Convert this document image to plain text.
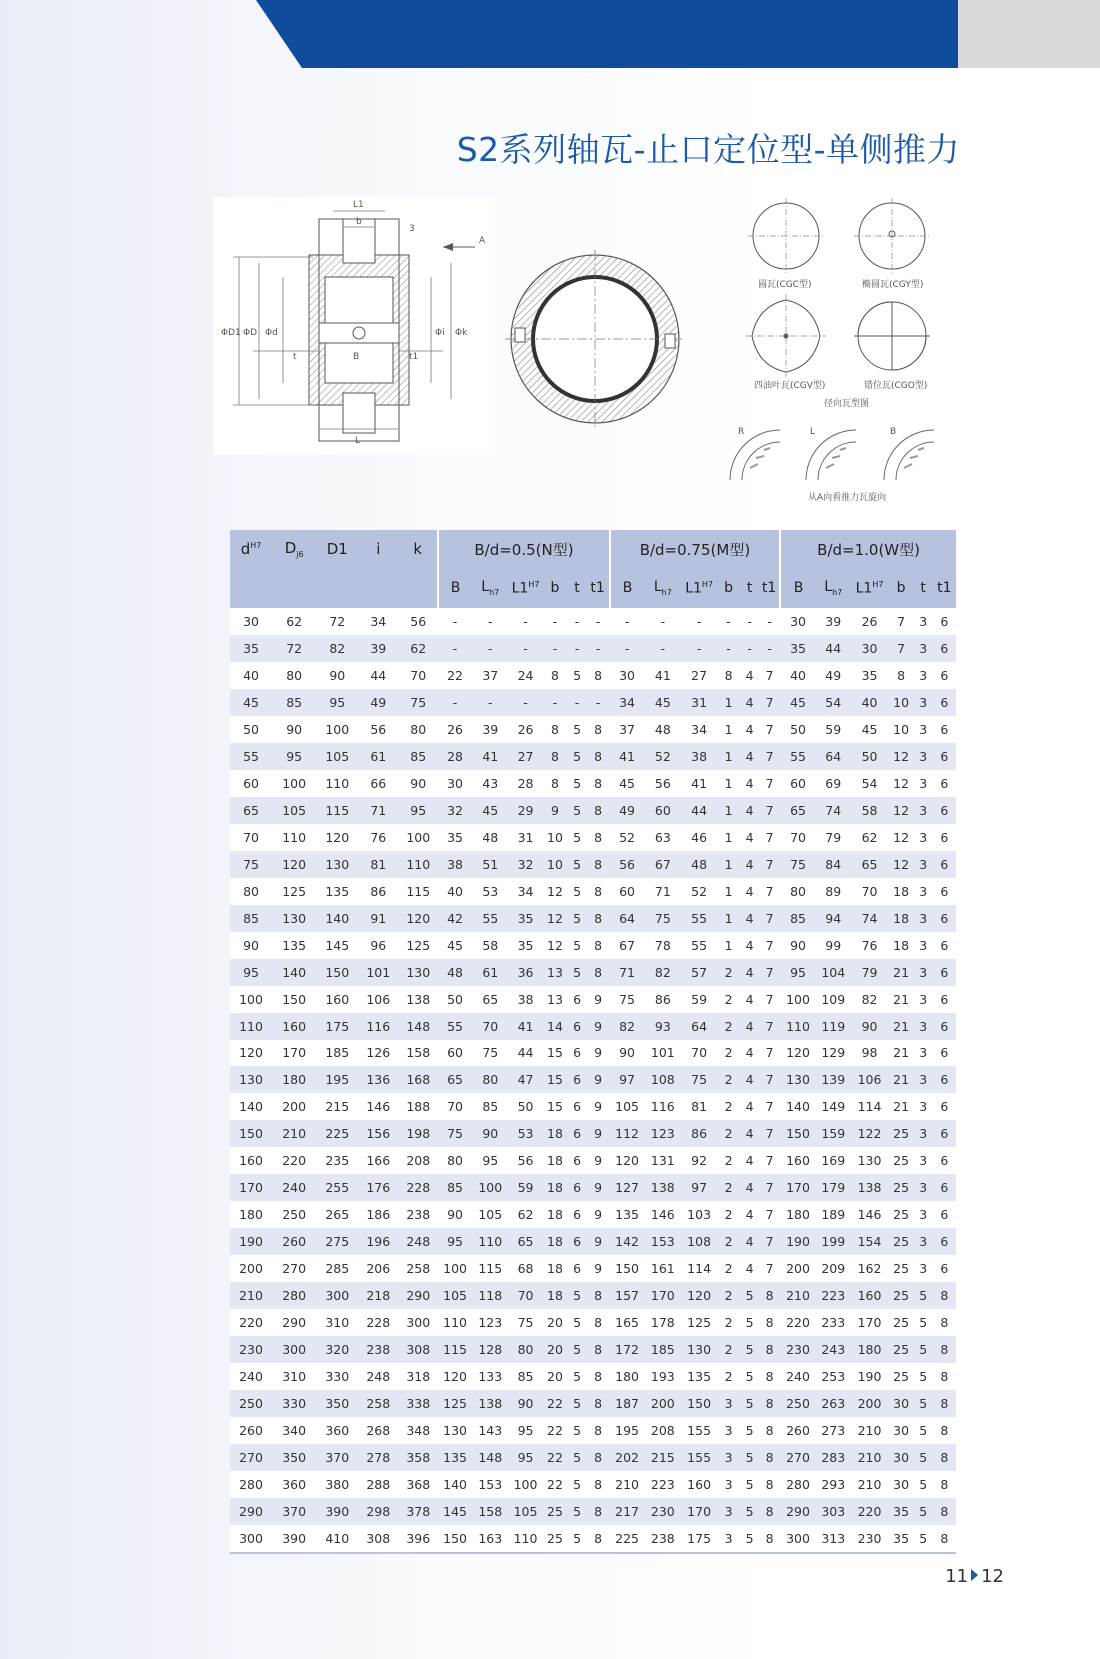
S2系列轴瓦-止口定位型-单侧推力
L1
b
3
A
ΦD1 ΦD Φd	Φi Φk
t	B	t1
L
圆瓦(CGC型)	椭圆瓦(CGY型)
四油叶瓦(CGV型)	错位瓦(CGO型)
径向瓦型图
R	L	B
从A向看推力瓦旋向
$d^{H7}$	$D_{j6}$	D1	i	k	B/d=0.5(N型)						B/d=0.75(M型)						B/d=1.0(W型)					
					B	$L_{h7}$	$L1^{H7}$	b	t	t1	B	$L_{h7}$	$L1^{H7}$	b	t	t1	B	$L_{h7}$	$L1^{H7}$	b	t	t1
30	62	72	34	56	-	-	-	-	-	-	-	-	-	-	-	-	30	39	26	7	3	6
35	72	82	39	62	-	-	-	-	-	-	-	-	-	-	-	-	35	44	30	7	3	6
40	80	90	44	70	22	37	24	8	5	8	30	41	27	8	4	7	40	49	35	8	3	6
45	85	95	49	75	-	-	-	-	-	-	34	45	31	1	4	7	45	54	40	10	3	6
50	90	100	56	80	26	39	26	8	5	8	37	48	34	1	4	7	50	59	45	10	3	6
55	95	105	61	85	28	41	27	8	5	8	41	52	38	1	4	7	55	64	50	12	3	6
60	100	110	66	90	30	43	28	8	5	8	45	56	41	1	4	7	60	69	54	12	3	6
65	105	115	71	95	32	45	29	9	5	8	49	60	44	1	4	7	65	74	58	12	3	6
70	110	120	76	100	35	48	31	10	5	8	52	63	46	1	4	7	70	79	62	12	3	6
75	120	130	81	110	38	51	32	10	5	8	56	67	48	1	4	7	75	84	65	12	3	6
80	125	135	86	115	40	53	34	12	5	8	60	71	52	1	4	7	80	89	70	18	3	6
85	130	140	91	120	42	55	35	12	5	8	64	75	55	1	4	7	85	94	74	18	3	6
90	135	145	96	125	45	58	35	12	5	8	67	78	55	1	4	7	90	99	76	18	3	6
95	140	150	101	130	48	61	36	13	5	8	71	82	57	2	4	7	95	104	79	21	3	6
100	150	160	106	138	50	65	38	13	6	9	75	86	59	2	4	7	100	109	82	21	3	6
110	160	175	116	148	55	70	41	14	6	9	82	93	64	2	4	7	110	119	90	21	3	6
120	170	185	126	158	60	75	44	15	6	9	90	101	70	2	4	7	120	129	98	21	3	6
130	180	195	136	168	65	80	47	15	6	9	97	108	75	2	4	7	130	139	106	21	3	6
140	200	215	146	188	70	85	50	15	6	9	105	116	81	2	4	7	140	149	114	21	3	6
150	210	225	156	198	75	90	53	18	6	9	112	123	86	2	4	7	150	159	122	25	3	6
160	220	235	166	208	80	95	56	18	6	9	120	131	92	2	4	7	160	169	130	25	3	6
170	240	255	176	228	85	100	59	18	6	9	127	138	97	2	4	7	170	179	138	25	3	6
180	250	265	186	238	90	105	62	18	6	9	135	146	103	2	4	7	180	189	146	25	3	6
190	260	275	196	248	95	110	65	18	6	9	142	153	108	2	4	7	190	199	154	25	3	6
200	270	285	206	258	100	115	68	18	6	9	150	161	114	2	4	7	200	209	162	25	3	6
210	280	300	218	290	105	118	70	18	5	8	157	170	120	2	5	8	210	223	160	25	5	8
220	290	310	228	300	110	123	75	20	5	8	165	178	125	2	5	8	220	233	170	25	5	8
230	300	320	238	308	115	128	80	20	5	8	172	185	130	2	5	8	230	243	180	25	5	8
240	310	330	248	318	120	133	85	20	5	8	180	193	135	2	5	8	240	253	190	25	5	8
250	330	350	258	338	125	138	90	22	5	8	187	200	150	3	5	8	250	263	200	30	5	8
260	340	360	268	348	130	143	95	22	5	8	195	208	155	3	5	8	260	273	210	30	5	8
270	350	370	278	358	135	148	95	22	5	8	202	215	155	3	5	8	270	283	210	30	5	8
280	360	380	288	368	140	153	100	22	5	8	210	223	160	3	5	8	280	293	210	30	5	8
290	370	390	298	378	145	158	105	25	5	8	217	230	170	3	5	8	290	303	220	35	5	8
300	390	410	308	396	150	163	110	25	5	8	225	238	175	3	5	8	300	313	230	35	5	8
11 12
